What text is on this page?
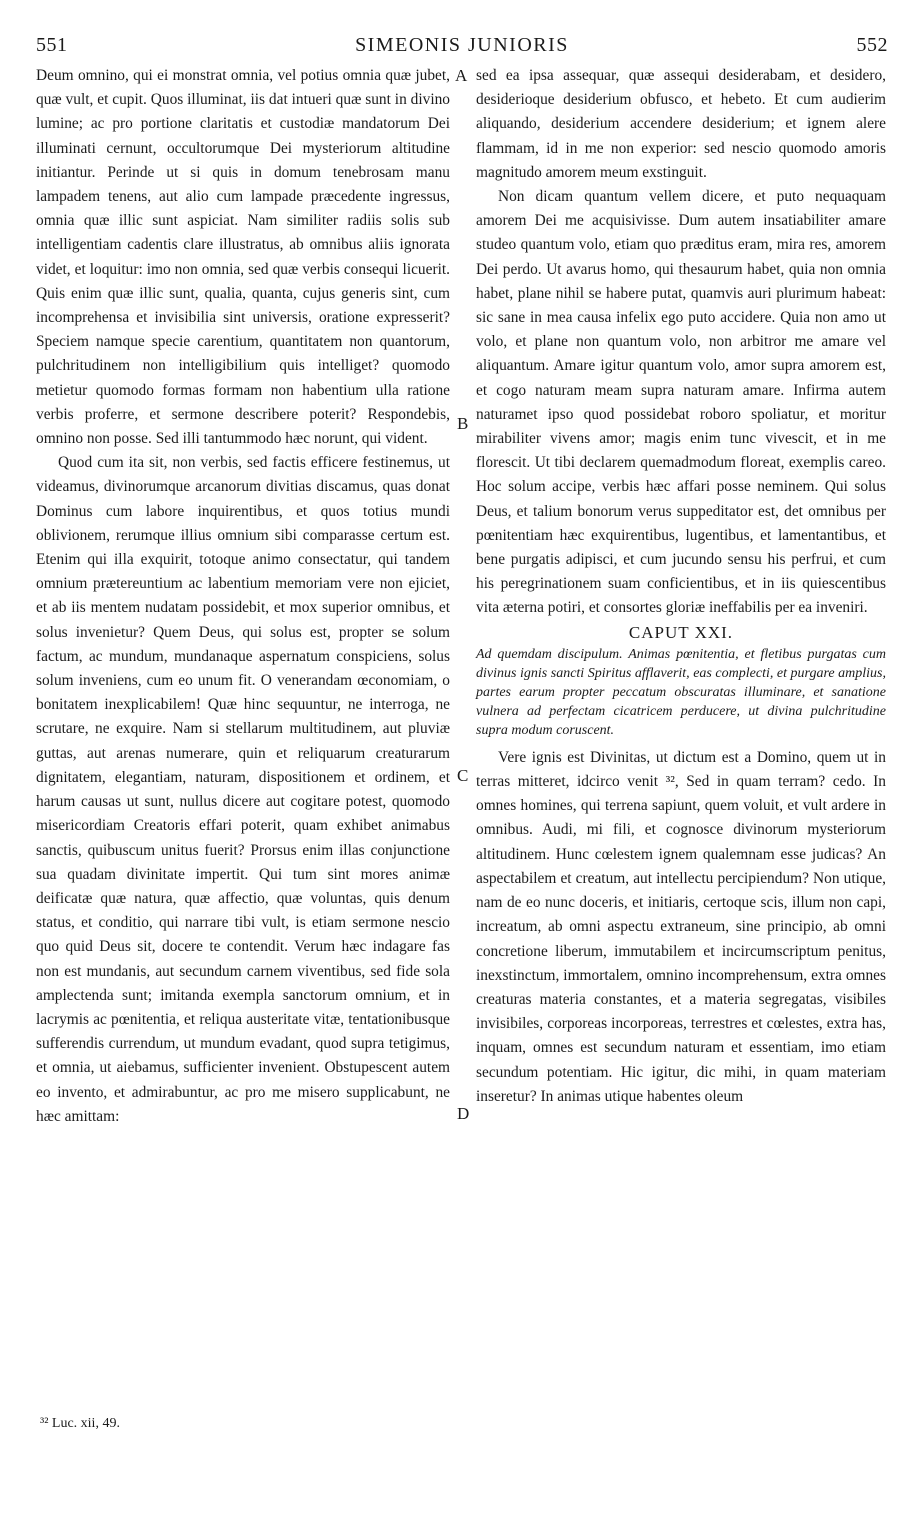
551	SIMEONIS JUNIORIS	552

Deum omnino, qui ei monstrat omnia, vel potius omnia quæ jubet, quæ vult, et cupit. Quos illuminat, iis dat intueri quæ sunt in divino lumine; ac pro portione claritatis et custodiæ mandatorum Dei illuminati cernunt, occultorumque Dei mysteriorum altitudine initiantur. Perinde ut si quis in domum tenebrosam manu lampadem tenens, aut alio cum lampade præcedente ingressus, omnia quæ illic sunt aspiciat. Nam similiter radiis solis sub intelligentiam cadentis clare illustratus, ab omnibus aliis ignorata videt, et loquitur: imo non omnia, sed quæ verbis consequi licuerit. Quis enim quæ illic sunt, qualia, quanta, cujus generis sint, cum incomprehensa et invisibilia sint universis, oratione expresserit? Speciem namque specie carentium, quantitatem non quantorum, pulchritudinem non intelligibilium quis intelliget? quomodo metietur quomodo formas formam non habentium ulla ratione verbis proferre, et sermone describere poterit? Respondebis, omnino non posse. Sed illi tantummodo hæc norunt, qui vident.

Quod cum ita sit, non verbis, sed factis efficere festinemus, ut videamus, divinorumque arcanorum divitias discamus, quas donat Dominus cum labore inquirentibus, et quos totius mundi oblivionem, rerumque illius omnium sibi comparasse certum est. Etenim qui illa exquirit, totoque animo consectatur, qui tandem omnium prætereuntium ac labentium memoriam vere non ejiciet, et ab iis mentem nudatam possidebit, et mox superior omnibus, et solus invenietur? Quem Deus, qui solus est, propter se solum factum, ac mundum, mundanaque aspernatum conspiciens, solus solum inveniens, cum eo unum fit. O venerandam œconomiam, o bonitatem inexplicabilem! Quæ hinc sequuntur, ne interroga, ne scrutare, ne exquire. Nam si stellarum multitudinem, aut pluviæ guttas, aut arenas numerare, quin et reliquarum creaturarum dignitatem, elegantiam, naturam, dispositionem et ordinem, et harum causas ut sunt, nullus dicere aut cogitare potest, quomodo misericordiam Creatoris effari poterit, quam exhibet animabus sanctis, quibuscum unitus fuerit? Prorsus enim illas conjunctione sua quadam divinitate impertit. Qui tum sint mores animæ deificatæ quæ natura, quæ affectio, quæ voluntas, quis denum status, et conditio, qui narrare tibi vult, is etiam sermone nescio quo quid Deus sit, docere te contendit. Verum hæc indagare fas non est mundanis, aut secundum carnem viventibus, sed fide sola amplectenda sunt; imitanda exempla sanctorum omnium, et in lacrymis ac pœnitentia, et reliqua austeritate vitæ, tentationibusque sufferendis currendum, ut mundum evadant, quod supra tetigimus, et omnia, ut aiebamus, sufficienter invenient. Obstupescent autem eo invento, et admirabuntur, ac pro me misero supplicabunt, ne hæc amittam:

A
B
C
D

sed ea ipsa assequar, quæ assequi desiderabam, et desidero, desiderioque desiderium obfusco, et hebeto. Et cum audierim aliquando, desiderium accendere desiderium; et ignem alere flammam, id in me non experior: sed nescio quomodo amoris magnitudo amorem meum exstinguit.

Non dicam quantum vellem dicere, et puto nequaquam amorem Dei me acquisivisse. Dum autem insatiabiliter amare studeo quantum volo, etiam quo præditus eram, mira res, amorem Dei perdo. Ut avarus homo, qui thesaurum habet, quia non omnia habet, plane nihil se habere putat, quamvis auri plurimum habeat: sic sane in mea causa infelix ego puto accidere. Quia non amo ut volo, et plane non quantum volo, non arbitror me amare vel aliquantum. Amare igitur quantum volo, amor supra amorem est, et cogo naturam meam supra naturam amare. Infirma autem naturamet ipso quod possidebat roboro spoliatur, et moritur mirabiliter vivens amor; magis enim tunc vivescit, et in me florescit. Ut tibi declarem quemadmodum floreat, exemplis careo. Hoc solum accipe, verbis hæc affari posse neminem. Qui solus Deus, et talium bonorum verus suppeditator est, det omnibus per pœnitentiam hæc exquirentibus, lugentibus, et lamentantibus, et bene purgatis adipisci, et cum jucundo sensu his perfrui, et cum his peregrinationem suam conficientibus, et in iis quiescentibus vita æterna potiri, et consortes gloriæ ineffabilis per ea inveniri.

CAPUT XXI.

Ad quemdam discipulum. Animas pœnitentia, et fletibus purgatas cum divinus ignis sancti Spiritus afflaverit, eas complecti, et purgare amplius, partes earum propter peccatum obscuratas illuminare, et sanatione vulnera ad perfectam cicatricem perducere, ut divina pulchritudine supra modum coruscent.

Vere ignis est Divinitas, ut dictum est a Domino, quem ut in terras mitteret, idcirco venit ³², Sed in quam terram? cedo. In omnes homines, qui terrena sapiunt, quem voluit, et vult ardere in omnibus. Audi, mi fili, et cognosce divinorum mysteriorum altitudinem. Hunc cœlestem ignem qualemnam esse judicas? An aspectabilem et creatum, aut intellectu percipiendum? Non utique, nam de eo nunc doceris, et initiaris, certoque scis, illum non capi, increatum, ab omni aspectu extraneum, sine principio, ab omni concretione liberum, immutabilem et incircumscriptum penitus, inexstinctum, immortalem, omnino incomprehensum, extra omnes creaturas materia constantes, et a materia segregatas, visibiles invisibiles, corporeas incorporeas, terrestres et cœlestes, extra has, inquam, omnes est secundum naturam et essentiam, imo etiam secundum potentiam. Hic igitur, dic mihi, in quam materiam inseretur? In animas utique habentes oleum

³² Luc. xii, 49.
